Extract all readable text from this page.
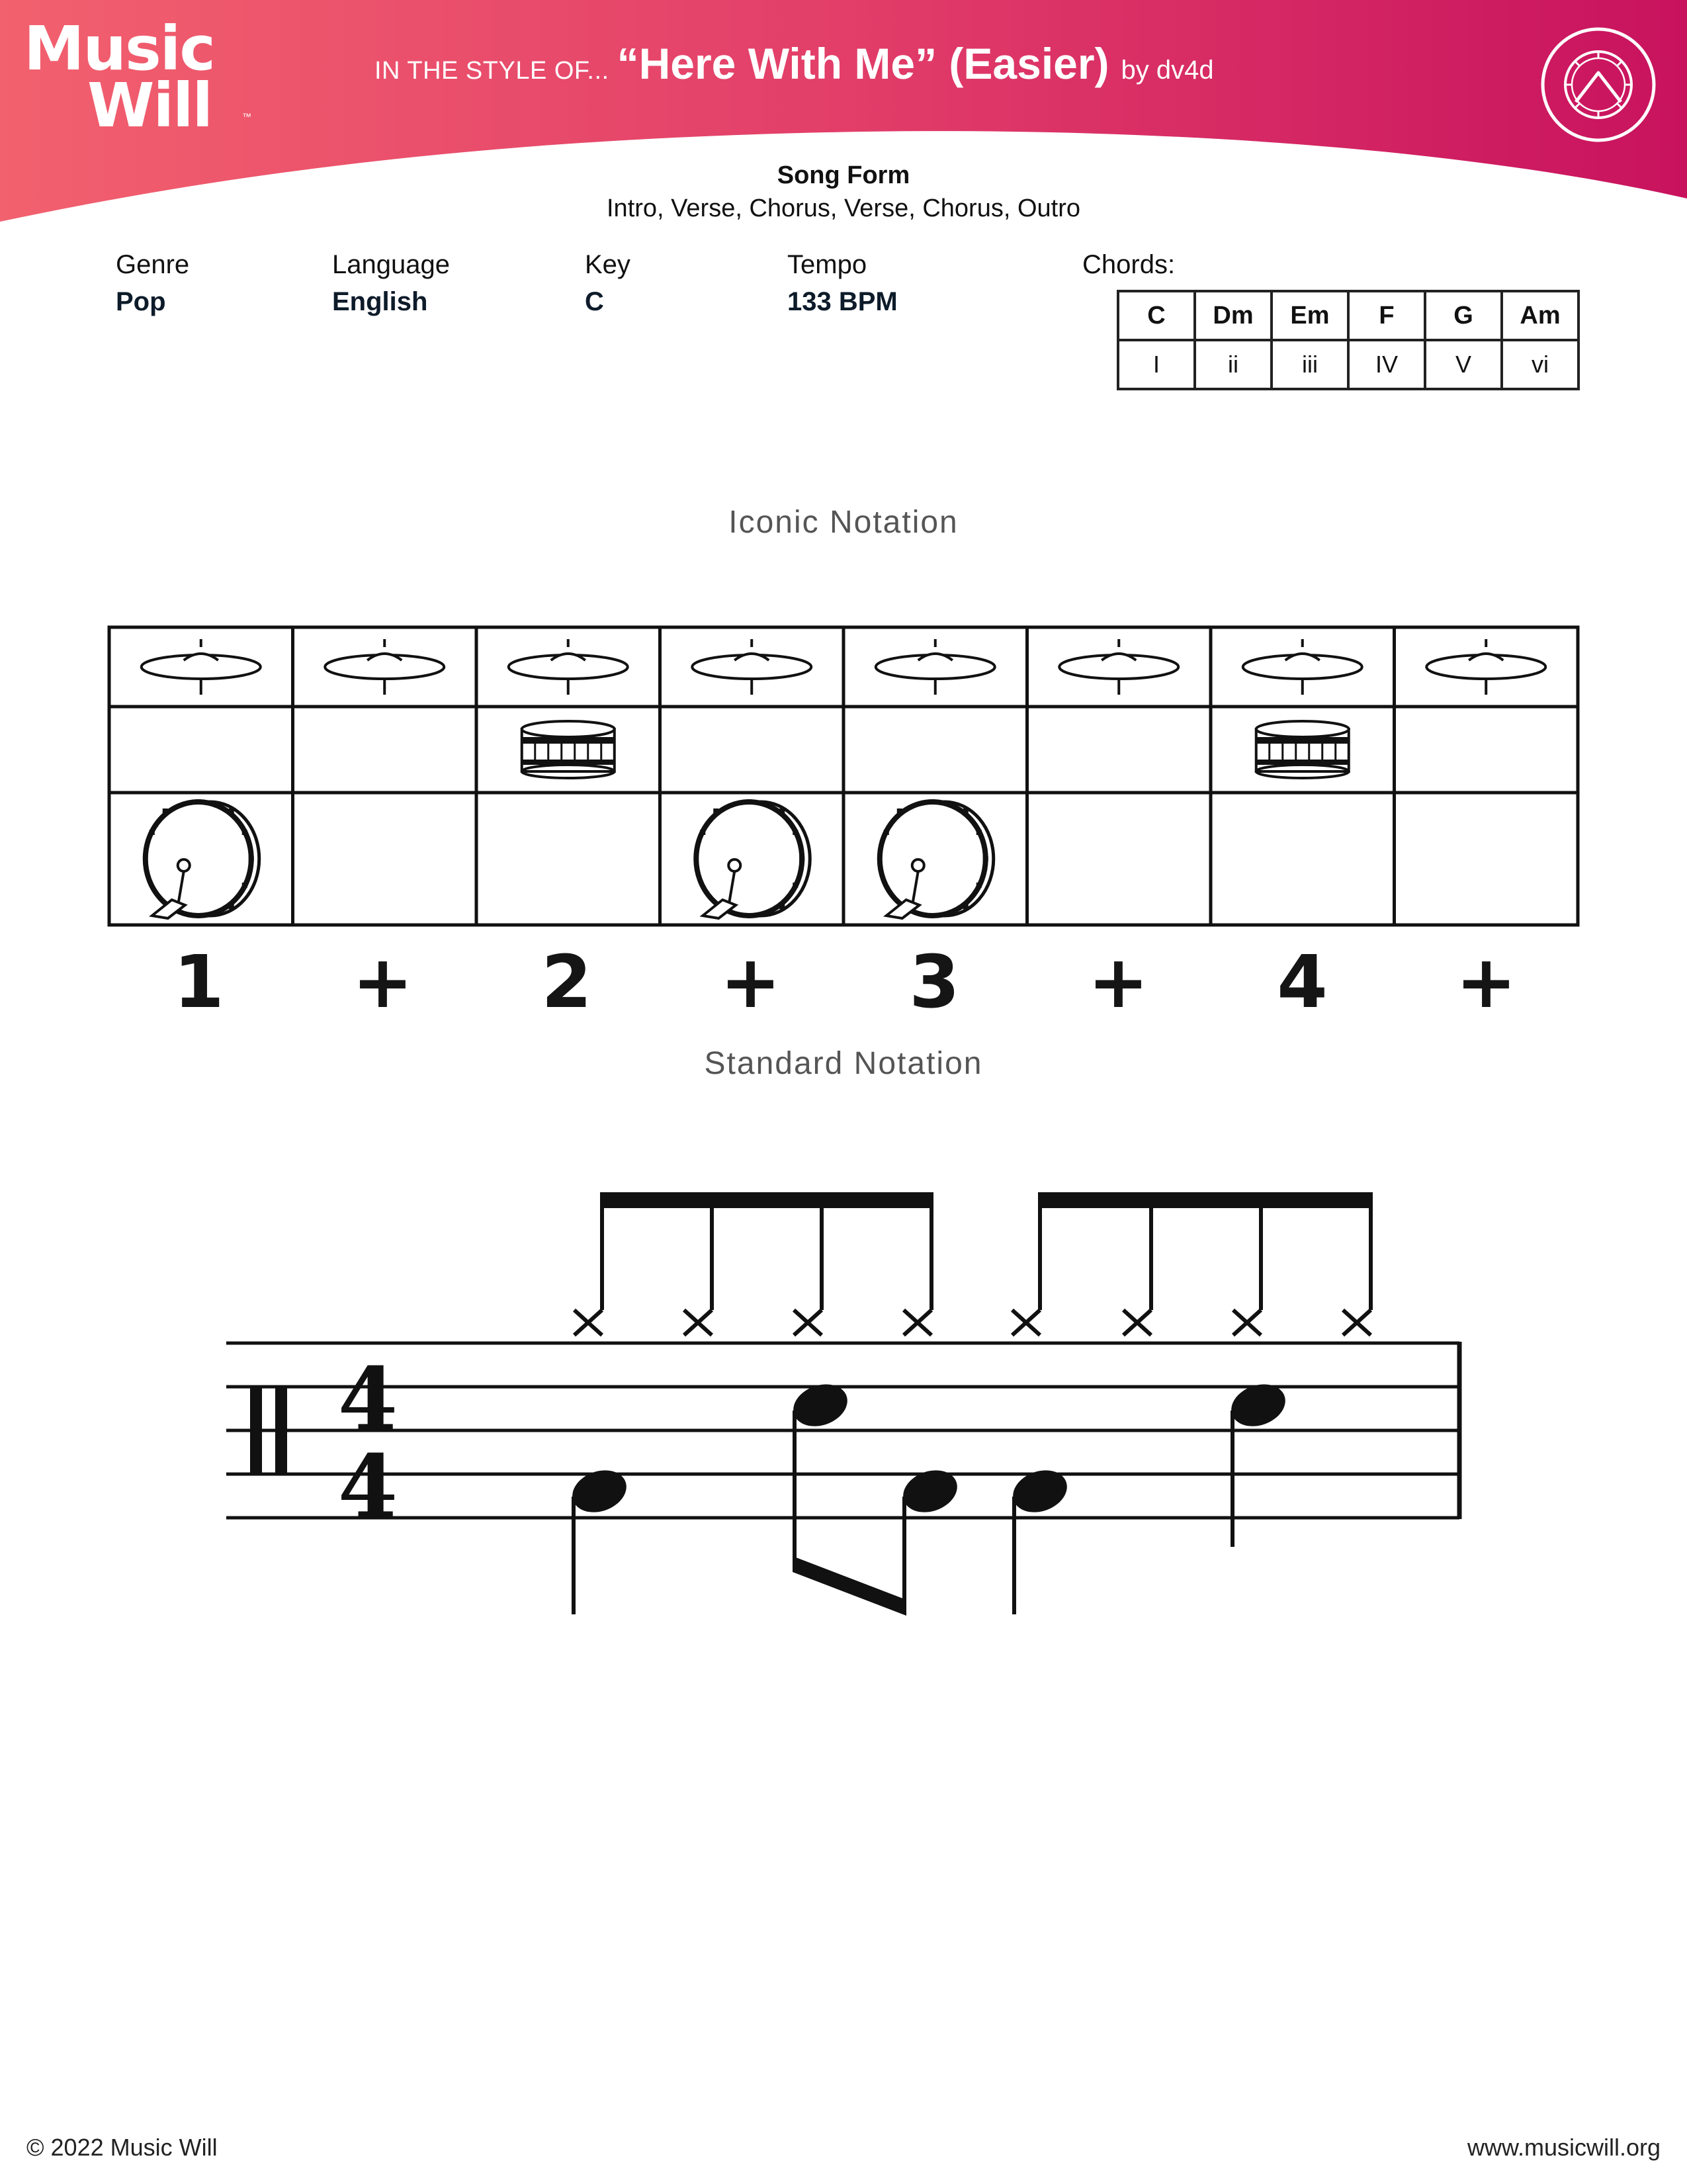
Music
Will	™
IN THE STYLE OF... “Here With Me” (Easier) by dv4d
Song Form
Intro, Verse, Chorus, Verse, Chorus, Outro
Genre
Pop
Language
English
Key
C
Tempo
133 BPM
Chords:
C	Dm	Em	F	G	Am
I	ii	iii	IV	V	vi
Iconic Notation
1	+	2	+	3	+	4	+
Standard Notation
4
4
© 2022 Music Will	www.musicwill.org
